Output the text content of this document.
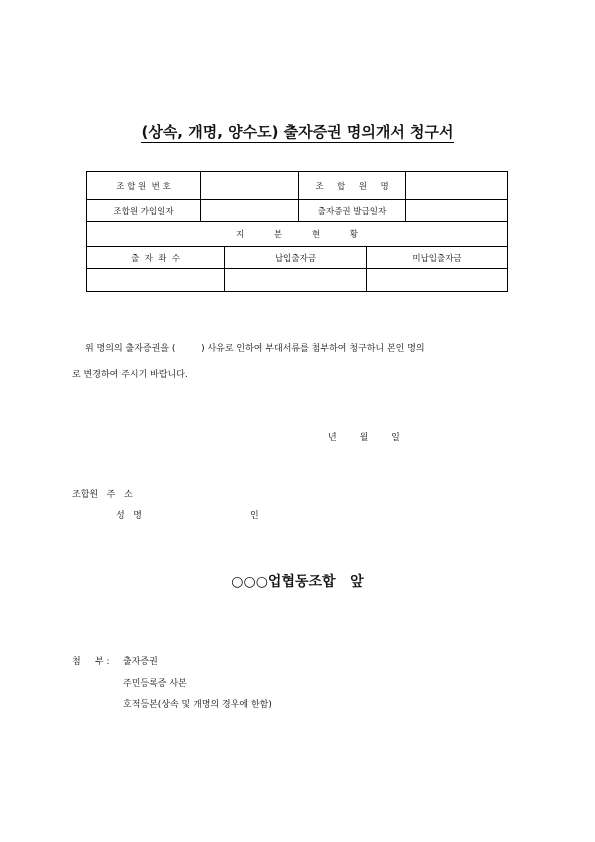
(상속, 개명, 양수도) 출자증권 명의개서 청구서
조 합 원  번 호	조     합     원     명
조합원 가입일자	출자증권 발급일자
지           분           현           황
출  자  좌  수	납입출자금	미납입출자금
위 명의의 출자증권을 (         ) 사유로 인하여 부대서류를 첨부하여 청구하니 본인 명의
로 변경하여 주시기 바랍니다.
년        월        일
조합원   주   소
성   명	인
○○○업협동조합   앞
첨     부 : 출자증권
주민등록증 사본
호적등본(상속 및 개명의 경우에 한함)
